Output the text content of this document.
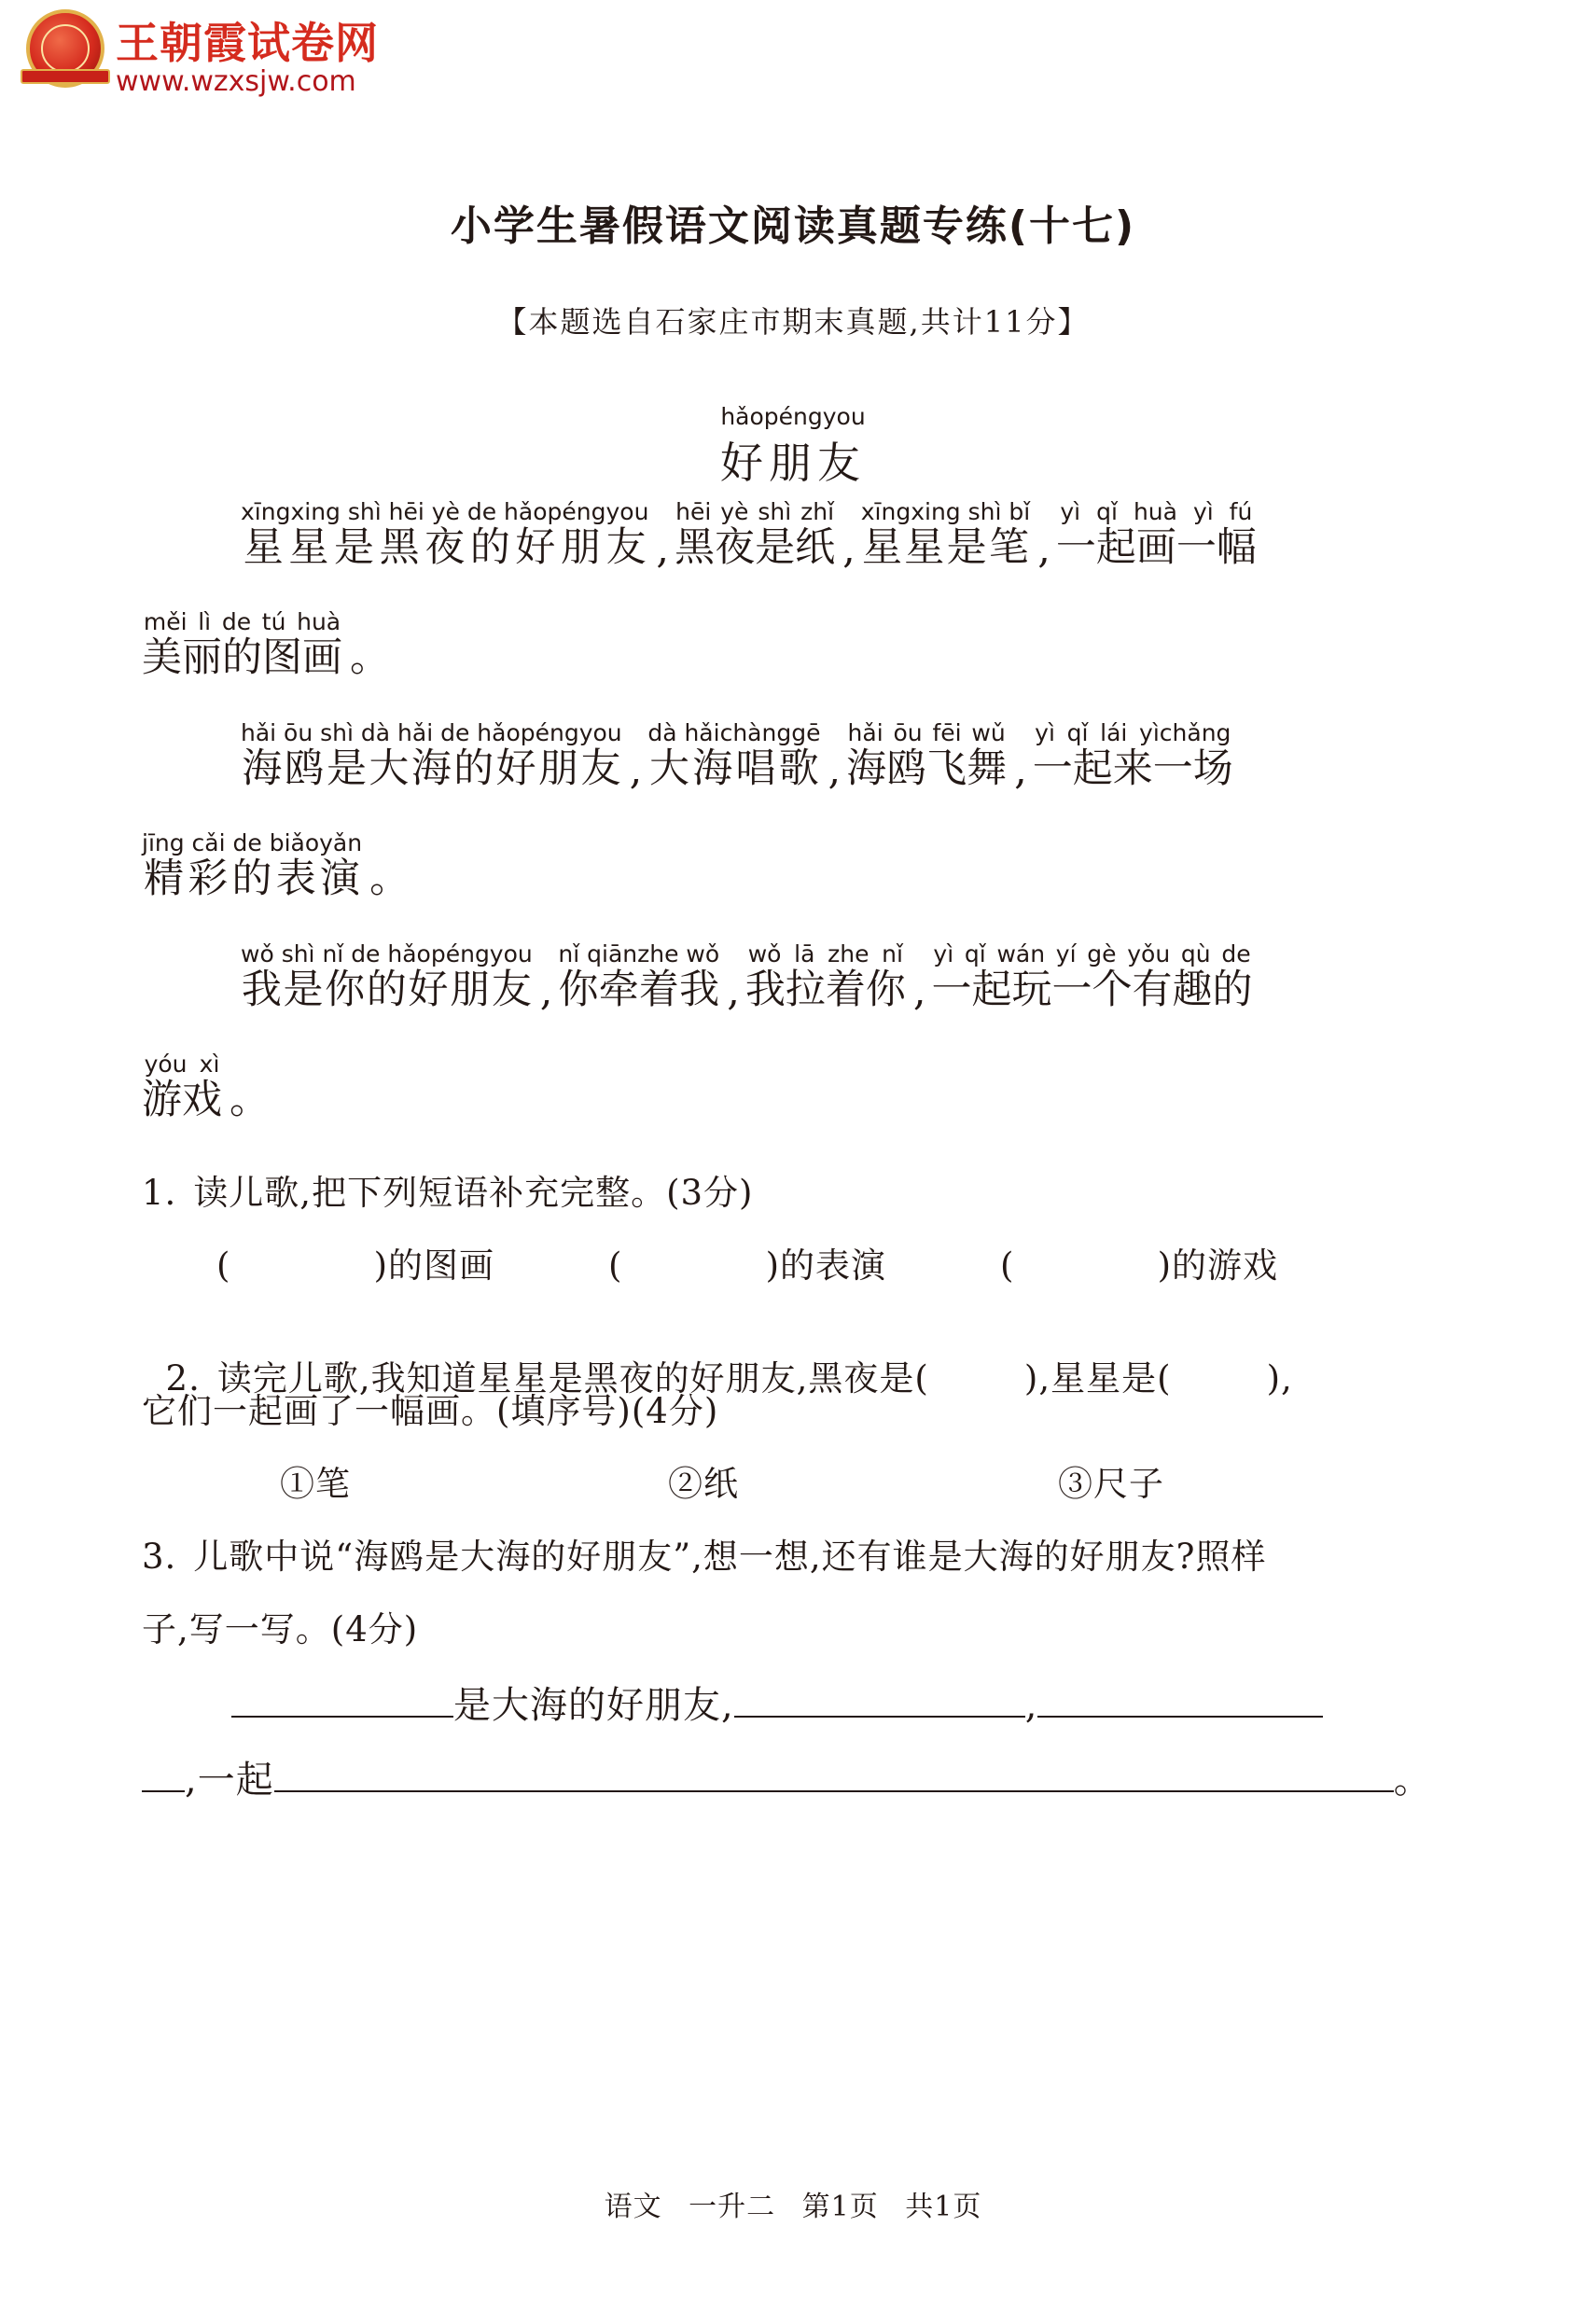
王朝霞试卷网
www.wzxsjw.com
小学生暑假语文阅读真题专练(十七)
【本题选自石家庄市期末真题,共计11分】
hǎopéngyou
好朋友
星星是黑夜的好朋友xīngxing shì hēi yè de hǎopéngyou
, 黑夜是纸hēi yè shì zhǐ
, 星星是笔xīngxing shì bǐ
, 一起画一幅yì qǐ huà yì fú
美丽的图画měi lì de tú huà
。
海鸥是大海的好朋友hǎi ōu shì dà hǎi de hǎopéngyou
, 大海唱歌dà hǎichànggē
, 海鸥飞舞hǎi ōu fēi wǔ
, 一起来一场yì qǐ lái yìchǎng
精彩的表演jīng cǎi de biǎoyǎn
。
我是你的好朋友wǒ shì nǐ de hǎopéngyou
, 你牵着我nǐ qiānzhe wǒ
, 我拉着你wǒ lā zhe nǐ
, 一起玩一个有趣的yì qǐ wán yí gè yǒu qù de
游戏yóu xì
。
1. 读儿歌,把下列短语补充完整。(3分)
(            )的图画	(            )的表演	(            )的游戏

2. 读完儿歌,我知道星星是黑夜的好朋友,黑夜是(        ),星星是(        ),

它们一起画了一幅画。(填序号)(4分)
①笔	②纸	③尺子
3. 儿歌中说“海鸥是大海的好朋友”,想一想,还有谁是大海的好朋友?照样
子,写一写。(4分)
是大海的好朋友,	,
,一起	。
语文 一升二 第1页 共1页
